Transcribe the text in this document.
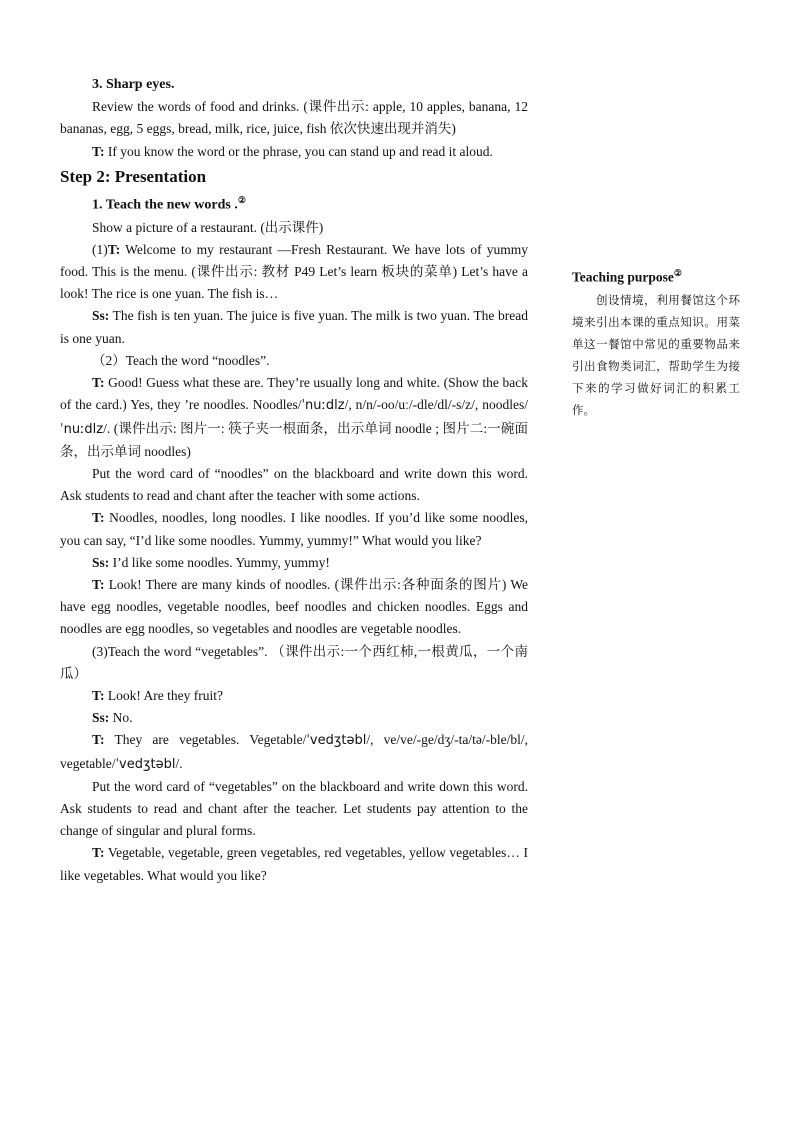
3. Sharp eyes.

Review the words of food and drinks. (课件出示: apple, 10 apples, banana, 12 bananas, egg, 5 eggs, bread, milk, rice, juice, fish 依次快速出现并消失)

T: If you know the word or the phrase, you can stand up and read it aloud.

Step 2: Presentation

1. Teach the new words .②

Show a picture of a restaurant. (出示课件)

(1)T: Welcome to my restaurant —Fresh Restaurant. We have lots of yummy food. This is the menu. (课件出示: 教材 P49 Let’s learn 板块的菜单) Let’s have a look! The rice is one yuan. The fish is…

Ss: The fish is ten yuan. The juice is five yuan. The milk is two yuan. The bread is one yuan.

（2）Teach the word “noodles”.

T: Good! Guess what these are. They’re usually long and white. (Show the back of the card.) Yes, they ’re noodles. Noodles/ˈnuːdlz/, n/n/-oo/uː/-dle/dl/-s/z/, noodles/ˈnuːdlz/. (课件出示: 图片一: 筷子夹一根面条，出示单词 noodle ; 图片二:一碗面条，出示单词 noodles)

Put the word card of “noodles” on the blackboard and write down this word. Ask students to read and chant after the teacher with some actions.

T: Noodles, noodles, long noodles. I like noodles. If you’d like some noodles, you can say, “I’d like some noodles. Yummy, yummy!” What would you like?

Ss: I’d like some noodles. Yummy, yummy!

T: Look! There are many kinds of noodles. (课件出示:各种面条的图片) We have egg noodles, vegetable noodles, beef noodles and chicken noodles. Eggs and noodles are egg noodles, so vegetables and noodles are vegetable noodles.

(3)Teach the word “vegetables”. （课件出示:一个西红柿,一根黄瓜，一个南瓜）

T: Look! Are they fruit?

Ss: No.

T: They are vegetables. Vegetable/ˈvedʒtəbl/, ve/ve/-ge/dʒ/-ta/tə/-ble/bl/, vegetable/ˈvedʒtəbl/.

Put the word card of “vegetables” on the blackboard and write down this word. Ask students to read and chant after the teacher. Let students pay attention to the change of singular and plural forms.

T: Vegetable, vegetable, green vegetables, red vegetables, yellow vegetables… I like vegetables. What would you like?

Teaching purpose②

创设情境，利用餐馆这个环境来引出本课的重点知识。用菜单这一餐馆中常见的重要物品来引出食物类词汇，帮助学生为接下来的学习做好词汇的积累工作。
